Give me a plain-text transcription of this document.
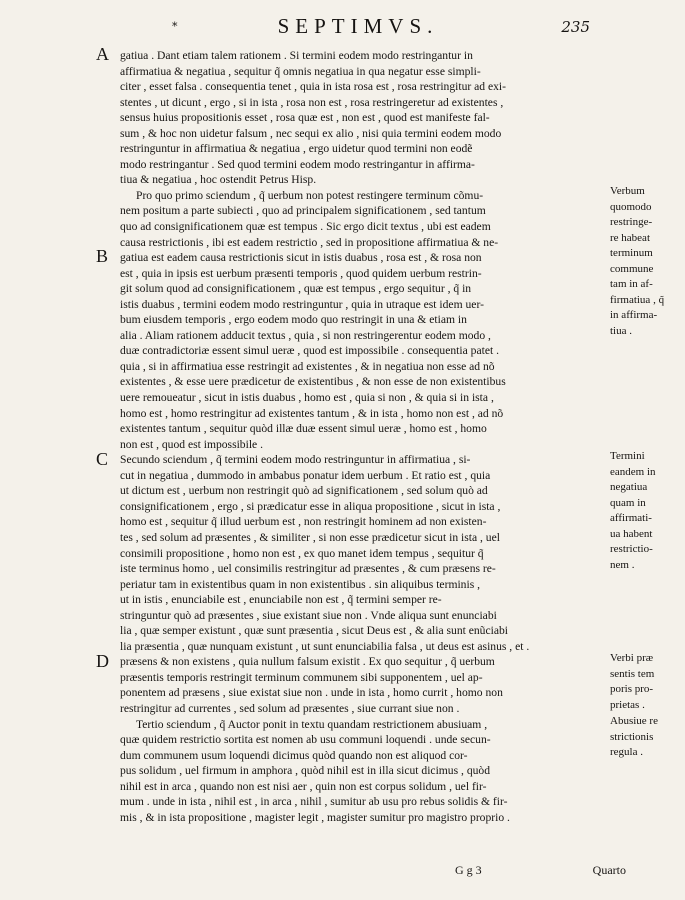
*	SEPTIMVS.	235
A
B
C
D
gatiua . Dant etiam talem rationem . Si termini eodem modo restringantur in
affirmatiua & negatiua , sequitur q̃ omnis negatiua in qua negatur esse simpli-
citer , esset falsa . consequentia tenet , quia in ista rosa est , rosa restringitur ad exi-
stentes , ut dicunt , ergo , si in ista , rosa non est , rosa restringeretur ad existentes ,
sensus huius propositionis esset , rosa quæ est , non est , quod est manifeste fal-
sum , & hoc non uidetur falsum , nec sequi ex alio , nisi quia termini eodem modo
restringuntur in affirmatiua & negatiua , ergo uidetur quod termini non eodẽ
modo restringantur . Sed quod termini eodem modo restringantur in affirma-
tiua & negatiua , hoc ostendit Petrus Hisp.
Pro quo primo sciendum , q̃ uerbum non potest restingere terminum cõmu-
nem positum a parte subiecti , quo ad principalem significationem , sed tantum
quo ad consignificationem quæ est tempus . Sic ergo dicit textus , ubi est eadem
causa restrictionis , ibi est eadem restrictio , sed in propositione affirmatiua & ne-
gatiua est eadem causa restrictionis sicut in istis duabus , rosa est , & rosa non
est , quia in ipsis est uerbum præsenti temporis , quod quidem uerbum restrin-
git solum quod ad consignificationem , quæ est tempus , ergo sequitur , q̃ in
istis duabus , termini eodem modo restringuntur , quia in utraque est idem uer-
bum eiusdem temporis , ergo eodem modo quo restringit in una & etiam in
alia . Aliam rationem adducit textus , quia , si non restringerentur eodem modo ,
duæ contradictoriæ essent simul ueræ , quod est impossibile . consequentia patet .
quia , si in affirmatiua esse restringit ad existentes , & in negatiua non esse ad nõ
existentes , & esse uere prædicetur de existentibus , & non esse de non existentibus
uere remoueatur , sicut in istis duabus , homo est , quia si non , & quia si in ista ,
homo est , homo restringitur ad existentes tantum , & in ista , homo non est , ad nõ
existentes tantum , sequitur quòd illæ duæ essent simul ueræ , homo est , homo
non est , quod est impossibile .
Secundo sciendum , q̃ termini eodem modo restringuntur in affirmatiua , si-
cut in negatiua , dummodo in ambabus ponatur idem uerbum . Et ratio est , quia
ut dictum est , uerbum non restringit quò ad significationem , sed solum quò ad
consignificationem , ergo , si prædicatur esse in aliqua propositione , sicut in ista ,
homo est , sequitur q̃ illud uerbum est , non restringit hominem ad non existen-
tes , sed solum ad præsentes , & similiter , si non esse prædicetur sicut in ista , uel
consimili propositione , homo non est , ex quo manet idem tempus , sequitur q̃
iste terminus homo , uel consimilis restringitur ad præsentes , & cum præsens re-
periatur tam in existentibus quam in non existentibus . sin aliquibus terminis ,
ut in istis , enunciabile est , enunciabile non est , q̃ termini semper re-
stringuntur quò ad præsentes , siue existant siue non . Vnde aliqua sunt enunciabi
lia , quæ semper existunt , quæ sunt præsentia , sicut Deus est , & alia sunt enũciabi
lia præsentia , quæ nunquam existunt , ut sunt enunciabilia falsa , ut deus est asinus , et .
præsens & non existens , quia nullum falsum existit . Ex quo sequitur , q̃ uerbum
præsentis temporis restringit terminum communem sibi supponentem , uel ap-
ponentem ad præsens , siue existat siue non . unde in ista , homo currit , homo non
restringitur ad currentes , sed solum ad præsentes , siue currant siue non .
Tertio sciendum , q̃ Auctor ponit in textu quandam restrictionem abusiuam ,
quæ quidem restrictio sortita est nomen ab usu communi loquendi . unde secun-
dum communem usum loquendi dicimus quòd quando non est aliquod cor-
pus solidum , uel firmum in amphora , quòd nihil est in illa sicut dicimus , quòd
nihil est in arca , quando non est nisi aer , quin non est corpus solidum , uel fir-
mum . unde in ista , nihil est , in arca , nihil , sumitur ab usu pro rebus solidis & fir-
mis , & in ista propositione , magister legit , magister sumitur pro magistro proprio .
Verbum
quomodo
restringe-
re habeat
terminum
commune
tam in af-
firmatiua , q̃
in affirma-
tiua .
Termini
eandem in
negatiua
quam in
affirmati-
ua habent
restrictio-
nem .
Verbi præ
sentis tem
poris pro-
prietas .
Abusiue re
strictionis
regula .
G g 3	Quarto
